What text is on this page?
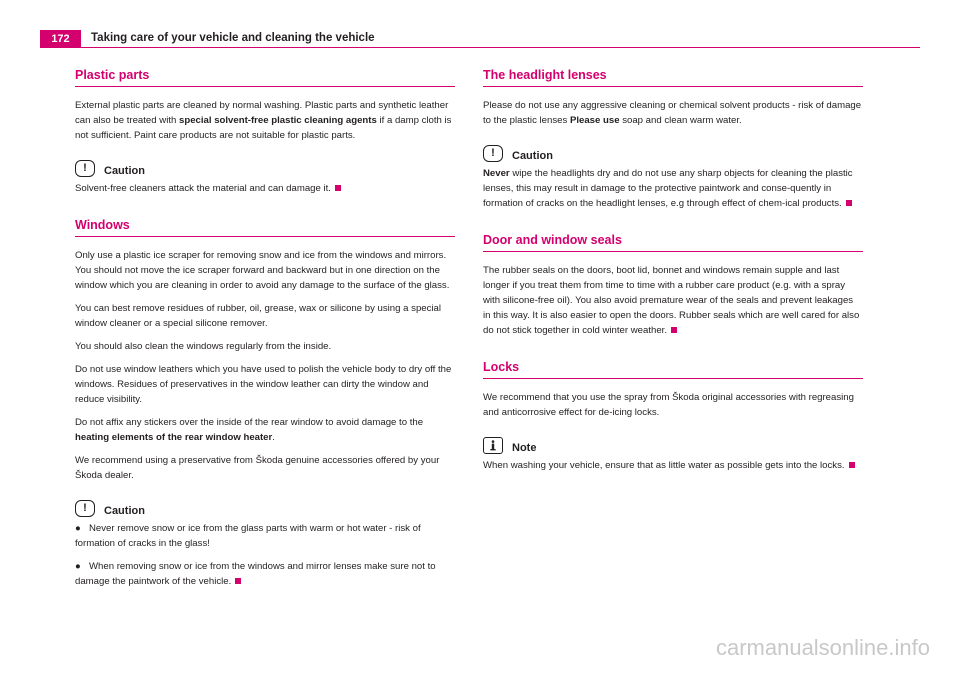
172	Taking care of your vehicle and cleaning the vehicle
Plastic parts

External plastic parts are cleaned by normal washing. Plastic parts and synthetic leather can also be treated with special solvent-free plastic cleaning agents if a damp cloth is not sufficient. Paint care products are not suitable for plastic parts.

!	Caution

Solvent-free cleaners attack the material and can damage it.

Windows

Only use a plastic ice scraper for removing snow and ice from the windows and mirrors. You should not move the ice scraper forward and backward but in one direction on the window which you are cleaning in order to avoid any damage to the surface of the glass.

You can best remove residues of rubber, oil, grease, wax or silicone by using a special window cleaner or a special silicone remover.

You should also clean the windows regularly from the inside.

Do not use window leathers which you have used to polish the vehicle body to dry off the windows. Residues of preservatives in the window leather can dirty the window and reduce visibility.

Do not affix any stickers over the inside of the rear window to avoid damage to the heating elements of the rear window heater.

We recommend using a preservative from Škoda genuine accessories offered by your Škoda dealer.

!	Caution

● Never remove snow or ice from the glass parts with warm or hot water - risk of formation of cracks in the glass!

● When removing snow or ice from the windows and mirror lenses make sure not to damage the paintwork of the vehicle.

The headlight lenses

Please do not use any aggressive cleaning or chemical solvent products - risk of damage to the plastic lenses Please use soap and clean warm water.

!	Caution

Never wipe the headlights dry and do not use any sharp objects for cleaning the plastic lenses, this may result in damage to the protective paintwork and conse-quently in formation of cracks on the headlight lenses, e.g through effect of chem-ical products.

Door and window seals

The rubber seals on the doors, boot lid, bonnet and windows remain supple and last longer if you treat them from time to time with a rubber care product (e.g. with a spray with silicone-free oil). You also avoid premature wear of the seals and prevent leakages in this way. It is also easier to open the doors. Rubber seals which are well cared for also do not stick together in cold winter weather.

Locks

We recommend that you use the spray from Škoda original accessories with regreasing and anticorrosive effect for de-icing locks.

Note

When washing your vehicle, ensure that as little water as possible gets into the locks.

carmanualsonline.info
